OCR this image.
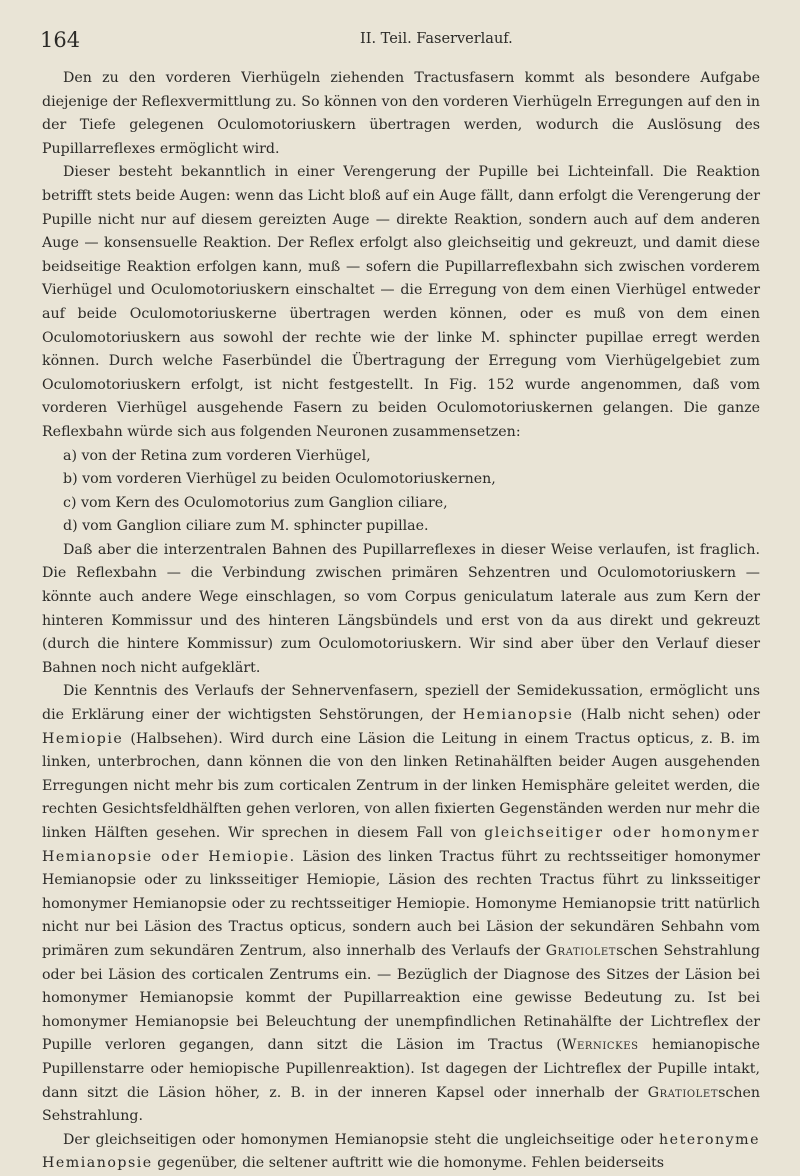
164	II. Teil. Faserverlauf.

Den zu den vorderen Vierhügeln ziehenden Tractusfasern kommt als besondere Aufgabe diejenige der Reflexvermittlung zu. So können von den vorderen Vierhügeln Erregungen auf den in der Tiefe gelegenen Oculomotoriuskern übertragen werden, wodurch die Auslösung des Pupillarreflexes ermöglicht wird.

Dieser besteht bekanntlich in einer Verengerung der Pupille bei Lichteinfall. Die Reaktion betrifft stets beide Augen: wenn das Licht bloß auf ein Auge fällt, dann erfolgt die Verengerung der Pupille nicht nur auf diesem gereizten Auge — direkte Reaktion, sondern auch auf dem anderen Auge — konsensuelle Reaktion. Der Reflex erfolgt also gleichseitig und gekreuzt, und damit diese beidseitige Reaktion erfolgen kann, muß — sofern die Pupillarreflexbahn sich zwischen vorderem Vierhügel und Oculomotoriuskern einschaltet — die Erregung von dem einen Vierhügel entweder auf beide Oculomotoriuskerne übertragen werden können, oder es muß von dem einen Oculomotoriuskern aus sowohl der rechte wie der linke M. sphincter pupillae erregt werden können. Durch welche Faserbündel die Übertragung der Erregung vom Vierhügelgebiet zum Oculomotoriuskern erfolgt, ist nicht festgestellt. In Fig. 152 wurde angenommen, daß vom vorderen Vierhügel ausgehende Fasern zu beiden Oculomotoriuskernen gelangen. Die ganze Reflexbahn würde sich aus folgenden Neuronen zusammensetzen:

a) von der Retina zum vorderen Vierhügel,
b) vom vorderen Vierhügel zu beiden Oculomotoriuskernen,
c) vom Kern des Oculomotorius zum Ganglion ciliare,
d) vom Ganglion ciliare zum M. sphincter pupillae.

Daß aber die interzentralen Bahnen des Pupillarreflexes in dieser Weise verlaufen, ist fraglich. Die Reflexbahn — die Verbindung zwischen primären Sehzentren und Oculomotoriuskern — könnte auch andere Wege einschlagen, so vom Corpus geniculatum laterale aus zum Kern der hinteren Kommissur und des hinteren Längsbündels und erst von da aus direkt und gekreuzt (durch die hintere Kommissur) zum Oculomotoriuskern. Wir sind aber über den Verlauf dieser Bahnen noch nicht aufgeklärt.

Die Kenntnis des Verlaufs der Sehnervenfasern, speziell der Semidekussation, ermöglicht uns die Erklärung einer der wichtigsten Sehstörungen, der Hemianopsie (Halb nicht sehen) oder Hemiopie (Halbsehen). Wird durch eine Läsion die Leitung in einem Tractus opticus, z. B. im linken, unterbrochen, dann können die von den linken Retinahälften beider Augen ausgehenden Erregungen nicht mehr bis zum corticalen Zentrum in der linken Hemisphäre geleitet werden, die rechten Gesichtsfeldhälften gehen verloren, von allen fixierten Gegenständen werden nur mehr die linken Hälften gesehen. Wir sprechen in diesem Fall von gleichseitiger oder homonymer Hemianopsie oder Hemiopie. Läsion des linken Tractus führt zu rechtsseitiger homonymer Hemianopsie oder zu linksseitiger Hemiopie, Läsion des rechten Tractus führt zu linksseitiger homonymer Hemianopsie oder zu rechtsseitiger Hemiopie. Homonyme Hemianopsie tritt natürlich nicht nur bei Läsion des Tractus opticus, sondern auch bei Läsion der sekundären Sehbahn vom primären zum sekundären Zentrum, also innerhalb des Verlaufs der Gratioletschen Sehstrahlung oder bei Läsion des corticalen Zentrums ein. — Bezüglich der Diagnose des Sitzes der Läsion bei homonymer Hemianopsie kommt der Pupillarreaktion eine gewisse Bedeutung zu. Ist bei homonymer Hemianopsie bei Beleuchtung der unempfindlichen Retinahälfte der Lichtreflex der Pupille verloren gegangen, dann sitzt die Läsion im Tractus (Wernickes hemianopische Pupillenstarre oder hemiopische Pupillenreaktion). Ist dagegen der Lichtreflex der Pupille intakt, dann sitzt die Läsion höher, z. B. in der inneren Kapsel oder innerhalb der Gratioletschen Sehstrahlung.

Der gleichseitigen oder homonymen Hemianopsie steht die ungleichseitige oder heteronyme Hemianopsie gegenüber, die seltener auftritt wie die homonyme. Fehlen beiderseits
